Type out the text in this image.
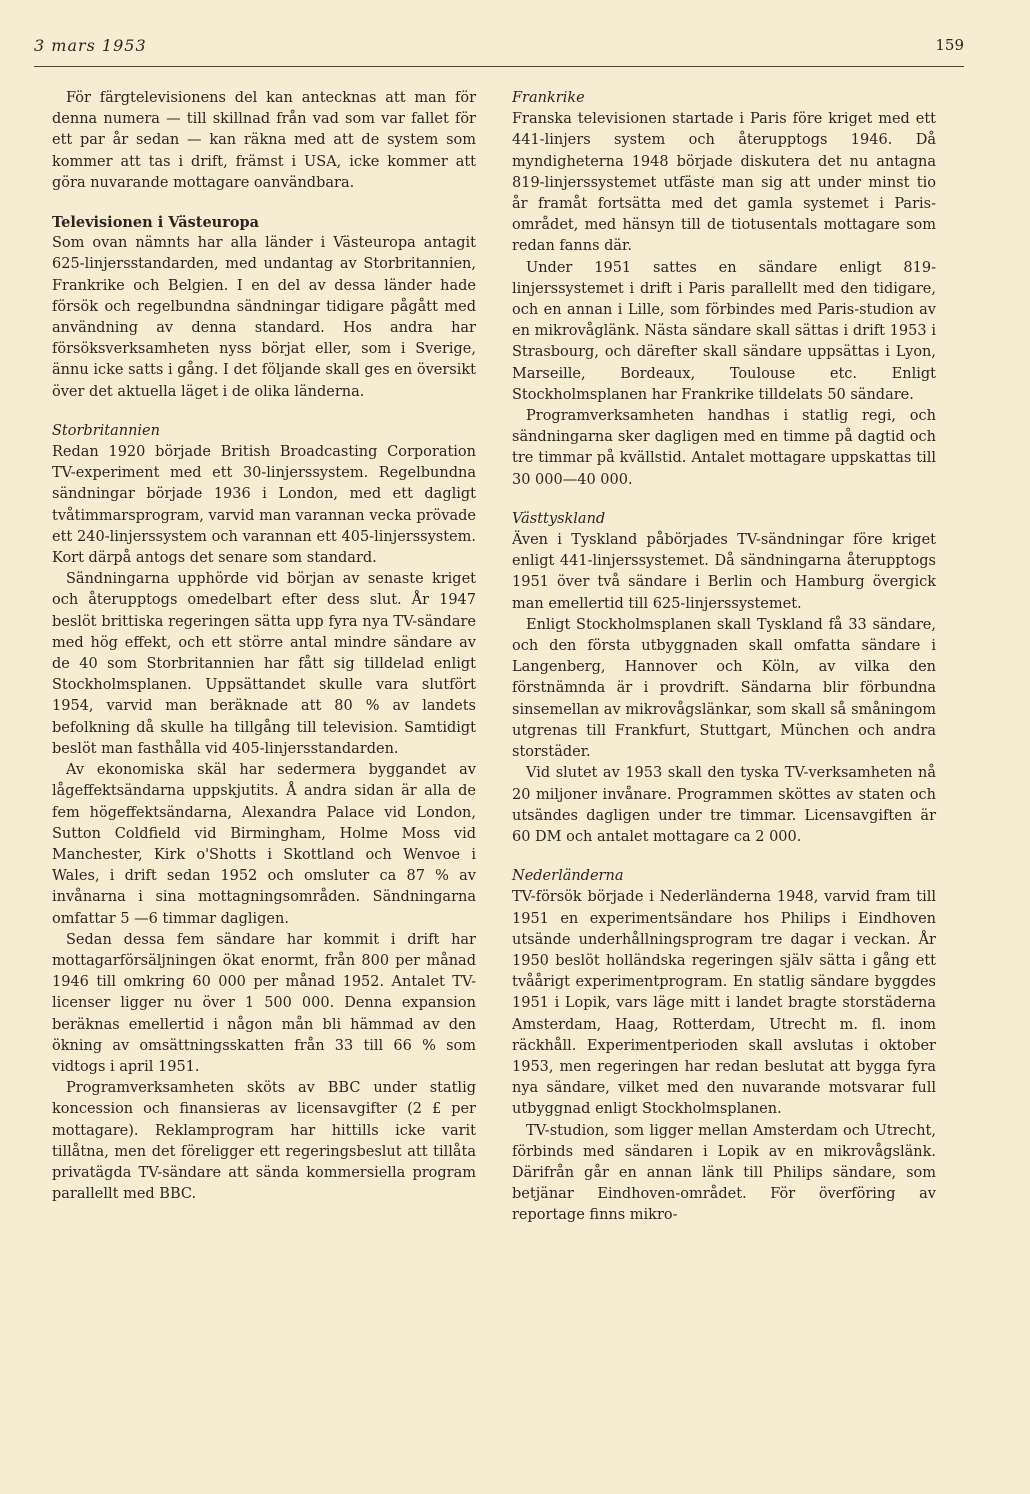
3 mars 1953	159

För färgtelevisionens del kan antecknas att man för denna numera — till skillnad från vad som var fallet för ett par år sedan — kan räkna med att de system som kommer att tas i drift, främst i USA, icke kommer att göra nuvarande mottagare oanvändbara.

Televisionen i Västeuropa

Som ovan nämnts har alla länder i Västeuropa antagit 625-linjersstandarden, med undantag av Storbritannien, Frankrike och Belgien. I en del av dessa länder hade försök och regelbundna sändningar tidigare pågått med användning av denna standard. Hos andra har försöksverksamheten nyss börjat eller, som i Sverige, ännu icke satts i gång. I det följande skall ges en översikt över det aktuella läget i de olika länderna.

Storbritannien

Redan 1920 började British Broadcasting Corporation TV-experiment med ett 30-linjerssystem. Regelbundna sändningar började 1936 i London, med ett dagligt tvåtimmarsprogram, varvid man varannan vecka prövade ett 240-linjerssystem och varannan ett 405-linjerssystem. Kort därpå antogs det senare som standard.

Sändningarna upphörde vid början av senaste kriget och återupptogs omedelbart efter dess slut. År 1947 beslöt brittiska regeringen sätta upp fyra nya TV-sändare med hög effekt, och ett större antal mindre sändare av de 40 som Storbritannien har fått sig tilldelad enligt Stockholmsplanen. Uppsättandet skulle vara slutfört 1954, varvid man beräknade att 80 % av landets befolkning då skulle ha tillgång till television. Samtidigt beslöt man fasthålla vid 405-linjersstandarden.

Av ekonomiska skäl har sedermera byggandet av lågeffektsändarna uppskjutits. Å andra sidan är alla de fem högeffektsändarna, Alexandra Palace vid London, Sutton Coldfield vid Birmingham, Holme Moss vid Manchester, Kirk o'Shotts i Skottland och Wenvoe i Wales, i drift sedan 1952 och omsluter ca 87 % av invånarna i sina mottagningsområden. Sändningarna omfattar 5 —6 timmar dagligen.

Sedan dessa fem sändare har kommit i drift har mottagarförsäljningen ökat enormt, från 800 per månad 1946 till omkring 60 000 per månad 1952. Antalet TV-licenser ligger nu över 1 500 000. Denna expansion beräknas emellertid i någon mån bli hämmad av den ökning av omsättningsskatten från 33 till 66 % som vidtogs i april 1951.

Programverksamheten sköts av BBC under statlig koncession och finansieras av licensavgifter (2 £ per mottagare). Reklamprogram har hittills icke varit tillåtna, men det föreligger ett regeringsbeslut att tillåta privatägda TV-sändare att sända kommersiella program parallellt med BBC.

Frankrike

Franska televisionen startade i Paris före kriget med ett 441-linjers system och återupptogs 1946. Då myndigheterna 1948 började diskutera det nu antagna 819-linjerssystemet utfäste man sig att under minst tio år framåt fortsätta med det gamla systemet i Paris-området, med hänsyn till de tiotusentals mottagare som redan fanns där.

Under 1951 sattes en sändare enligt 819-linjerssystemet i drift i Paris parallellt med den tidigare, och en annan i Lille, som förbindes med Paris-studion av en mikrovåglänk. Nästa sändare skall sättas i drift 1953 i Strasbourg, och därefter skall sändare uppsättas i Lyon, Marseille, Bordeaux, Toulouse etc. Enligt Stockholmsplanen har Frankrike tilldelats 50 sändare.

Programverksamheten handhas i statlig regi, och sändningarna sker dagligen med en timme på dagtid och tre timmar på kvällstid. Antalet mottagare uppskattas till 30 000—40 000.

Västtyskland

Även i Tyskland påbörjades TV-sändningar före kriget enligt 441-linjerssystemet. Då sändningarna återupptogs 1951 över två sändare i Berlin och Hamburg övergick man emellertid till 625-linjerssystemet.

Enligt Stockholmsplanen skall Tyskland få 33 sändare, och den första utbyggnaden skall omfatta sändare i Langenberg, Hannover och Köln, av vilka den förstnämnda är i provdrift. Sändarna blir förbundna sinsemellan av mikrovågslänkar, som skall så småningom utgrenas till Frankfurt, Stuttgart, München och andra storstäder.

Vid slutet av 1953 skall den tyska TV-verksamheten nå 20 miljoner invånare. Programmen sköttes av staten och utsändes dagligen under tre timmar. Licensavgiften är 60 DM och antalet mottagare ca 2 000.

Nederländerna

TV-försök började i Nederländerna 1948, varvid fram till 1951 en experimentsändare hos Philips i Eindhoven utsände underhållningsprogram tre dagar i veckan. År 1950 beslöt holländska regeringen själv sätta i gång ett tvåårigt experimentprogram. En statlig sändare byggdes 1951 i Lopik, vars läge mitt i landet bragte storstäderna Amsterdam, Haag, Rotterdam, Utrecht m. fl. inom räckhåll. Experimentperioden skall avslutas i oktober 1953, men regeringen har redan beslutat att bygga fyra nya sändare, vilket med den nuvarande motsvarar full utbyggnad enligt Stockholmsplanen.

TV-studion, som ligger mellan Amsterdam och Utrecht, förbinds med sändaren i Lopik av en mikrovågslänk. Därifrån går en annan länk till Philips sändare, som betjänar Eindhoven-området. För överföring av reportage finns mikro-
